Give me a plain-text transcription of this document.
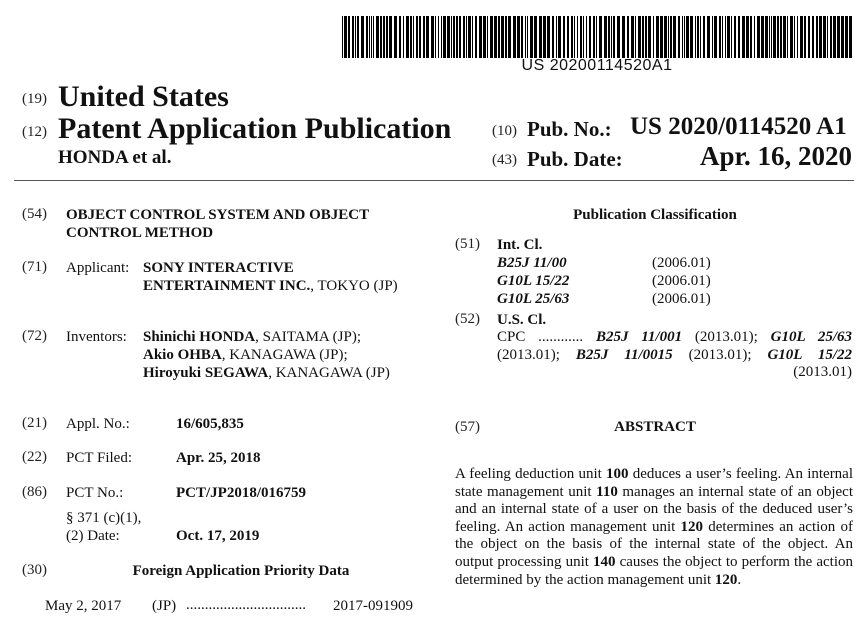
US 20200114520A1
(19) United States
(12) Patent Application Publication
HONDA et al.
(10) Pub. No.: US 2020/0114520 A1
(43) Pub. Date:	Apr. 16, 2020
(54) OBJECT CONTROL SYSTEM AND OBJECT CONTROL METHOD
(71) Applicant: SONY INTERACTIVE ENTERTAINMENT INC., TOKYO (JP)
(72) Inventors: Shinichi HONDA, SAITAMA (JP);
Akio OHBA, KANAGAWA (JP);
Hiroyuki SEGAWA, KANAGAWA (JP)
(21) Appl. No.:	16/605,835
(22) PCT Filed:	Apr. 25, 2018
(86) PCT No.:	PCT/JP2018/016759
§ 371 (c)(1),
(2) Date:	Oct. 17, 2019
(30)	Foreign Application Priority Data
May 2, 2017 (JP) ................................ 2017-091909
Publication Classification
(51) Int. Cl.
B25J 11/00	(2006.01)
G10L 15/22	(2006.01)
G10L 25/63	(2006.01)
(52) U.S. Cl.
CPC ............ B25J 11/001 (2013.01); G10L 25/63 (2013.01); B25J 11/0015 (2013.01); G10L 15/22 (2013.01)
(57)	ABSTRACT
A feeling deduction unit 100 deduces a user’s feeling. An internal state management unit 110 manages an internal state of an object and an internal state of a user on the basis of the deduced user’s feeling. An action management unit 120 determines an action of the object on the basis of the internal state of the object. An output processing unit 140 causes the object to perform the action determined by the action management unit 120.
